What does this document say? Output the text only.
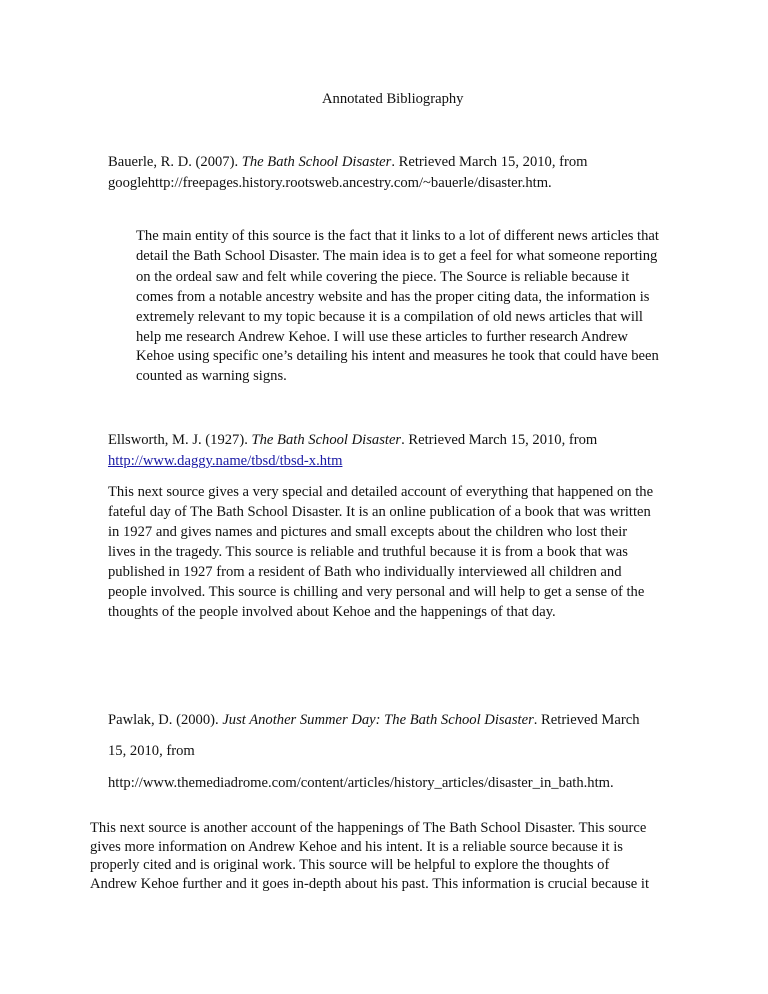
Annotated Bibliography
Bauerle, R. D. (2007). The Bath School Disaster. Retrieved March 15, 2010, from
googlehttp://freepages.history.rootsweb.ancestry.com/~bauerle/disaster.htm.
The main entity of this source is the fact that it links to a lot of different news articles that
detail the Bath School Disaster. The main idea is to get a feel for what someone reporting
on the ordeal saw and felt while covering the piece. The Source is reliable because it
comes from a notable ancestry website and has the proper citing data, the information is
extremely relevant to my topic because it is a compilation of old news articles that will
help me research Andrew Kehoe. I will use these articles to further research Andrew
Kehoe using specific one’s detailing his intent and measures he took that could have been
counted as warning signs.
Ellsworth, M. J. (1927). The Bath School Disaster. Retrieved March 15, 2010, from
http://www.daggy.name/tbsd/tbsd-x.htm
This next source gives a very special and detailed account of everything that happened on the
fateful day of The Bath School Disaster. It is an online publication of a book that was written
in 1927 and gives names and pictures and small excepts about the children who lost their
lives in the tragedy. This source is reliable and truthful because it is from a book that was
published in 1927 from a resident of Bath who individually interviewed all children and
people involved. This source is chilling and very personal and will help to get a sense of the
thoughts of the people involved about Kehoe and the happenings of that day.
Pawlak, D. (2000). Just Another Summer Day: The Bath School Disaster. Retrieved March
15, 2010, from
http://www.themediadrome.com/content/articles/history_articles/disaster_in_bath.htm.
This next source is another account of the happenings of The Bath School Disaster. This source
gives more information on Andrew Kehoe and his intent. It is a reliable source because it is
properly cited and is original work. This source will be helpful to explore the thoughts of
Andrew Kehoe further and it goes in-depth about his past. This information is crucial because it
